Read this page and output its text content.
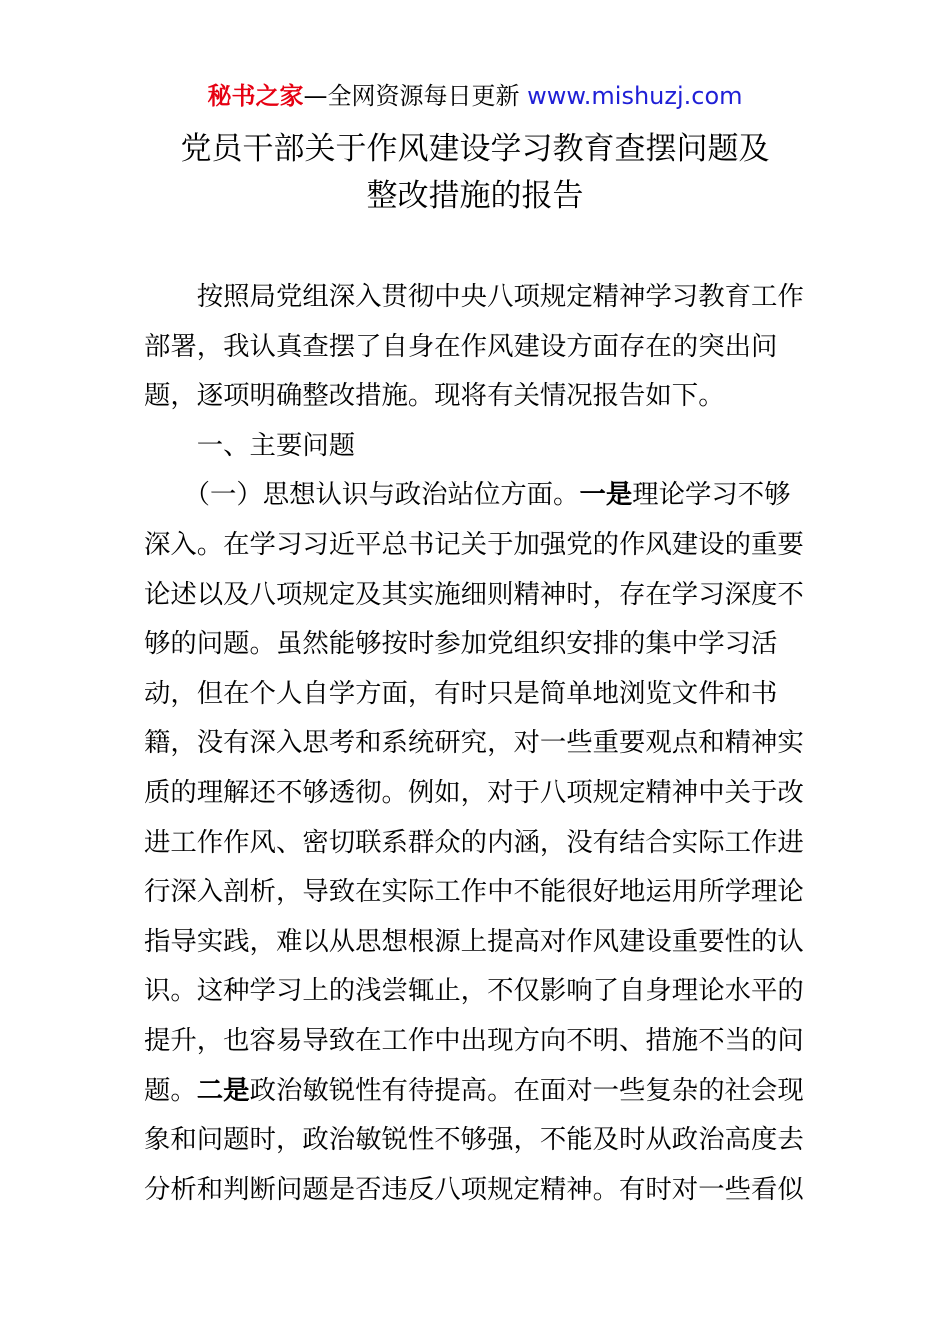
秘书之家—全网资源每日更新 www.mishuzj.com
党员干部关于作风建设学习教育查摆问题及
整改措施的报告
　　按照局党组深入贯彻中央八项规定精神学习教育工作
部署，我认真查摆了自身在作风建设方面存在的突出问
题，逐项明确整改措施。现将有关情况报告如下。
　　一、主要问题
　　（一）思想认识与政治站位方面。一是理论学习不够
深入。在学习习近平总书记关于加强党的作风建设的重要
论述以及八项规定及其实施细则精神时，存在学习深度不
够的问题。虽然能够按时参加党组织安排的集中学习活
动，但在个人自学方面，有时只是简单地浏览文件和书
籍，没有深入思考和系统研究，对一些重要观点和精神实
质的理解还不够透彻。例如，对于八项规定精神中关于改
进工作作风、密切联系群众的内涵，没有结合实际工作进
行深入剖析，导致在实际工作中不能很好地运用所学理论
指导实践，难以从思想根源上提高对作风建设重要性的认
识。这种学习上的浅尝辄止，不仅影响了自身理论水平的
提升，也容易导致在工作中出现方向不明、措施不当的问
题。二是政治敏锐性有待提高。在面对一些复杂的社会现
象和问题时，政治敏锐性不够强，不能及时从政治高度去
分析和判断问题是否违反八项规定精神。有时对一些看似
